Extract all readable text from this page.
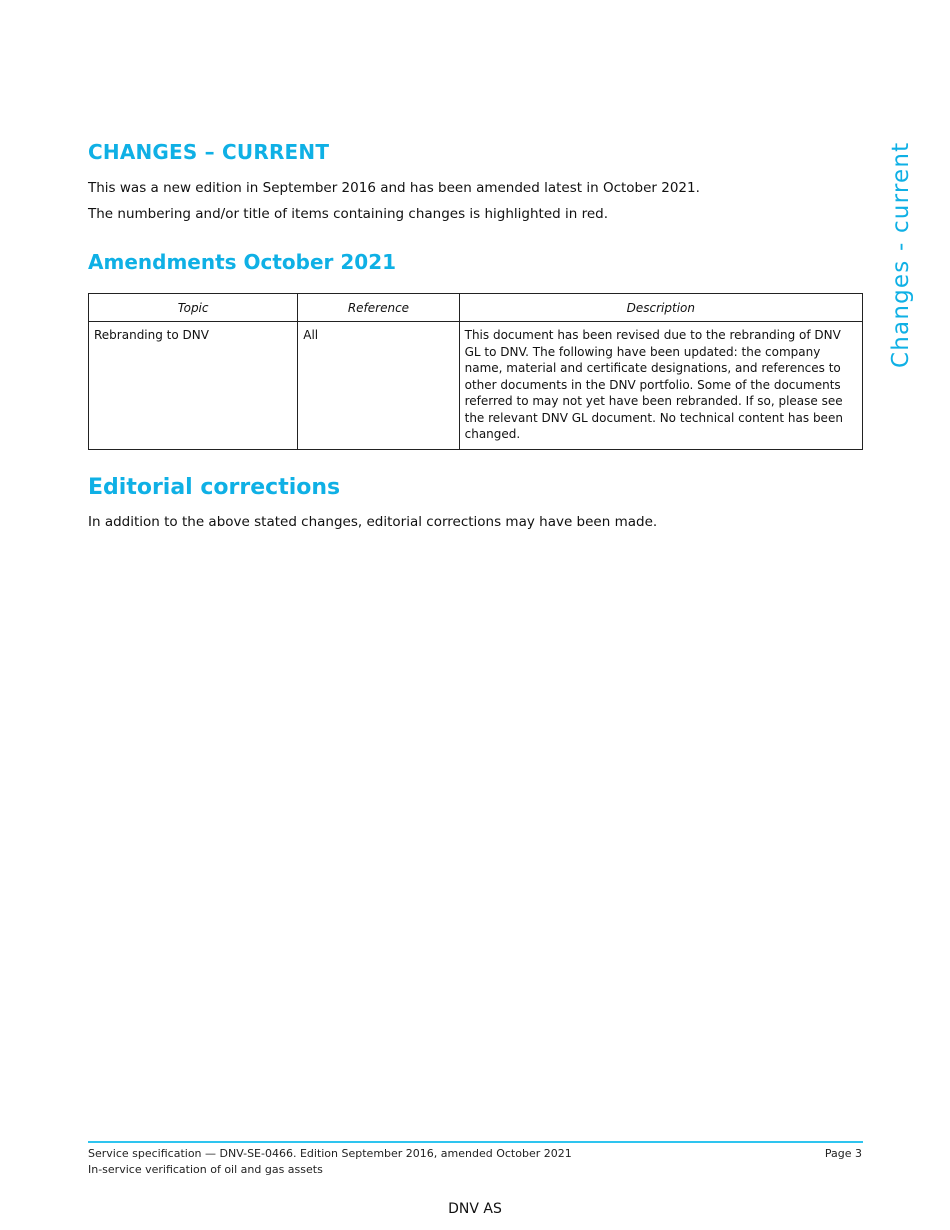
Changes - current
CHANGES – CURRENT

This was a new edition in September 2016 and has been amended latest in October 2021.

The numbering and/or title of items containing changes is highlighted in red.

Amendments October 2021
Topic	Reference	Description
Rebranding to DNV	All	This document has been revised due to the rebranding of DNV GL to DNV. The following have been updated: the company name, material and certificate designations, and references to other documents in the DNV portfolio. Some of the documents referred to may not yet have been rebranded. If so, please see the relevant DNV GL document. No technical content has been changed.
Editorial corrections

In addition to the above stated changes, editorial corrections may have been made.

Service specification — DNV-SE-0466. Edition September 2016, amended October 2021

In-service verification of oil and gas assets

Page 3

DNV AS
